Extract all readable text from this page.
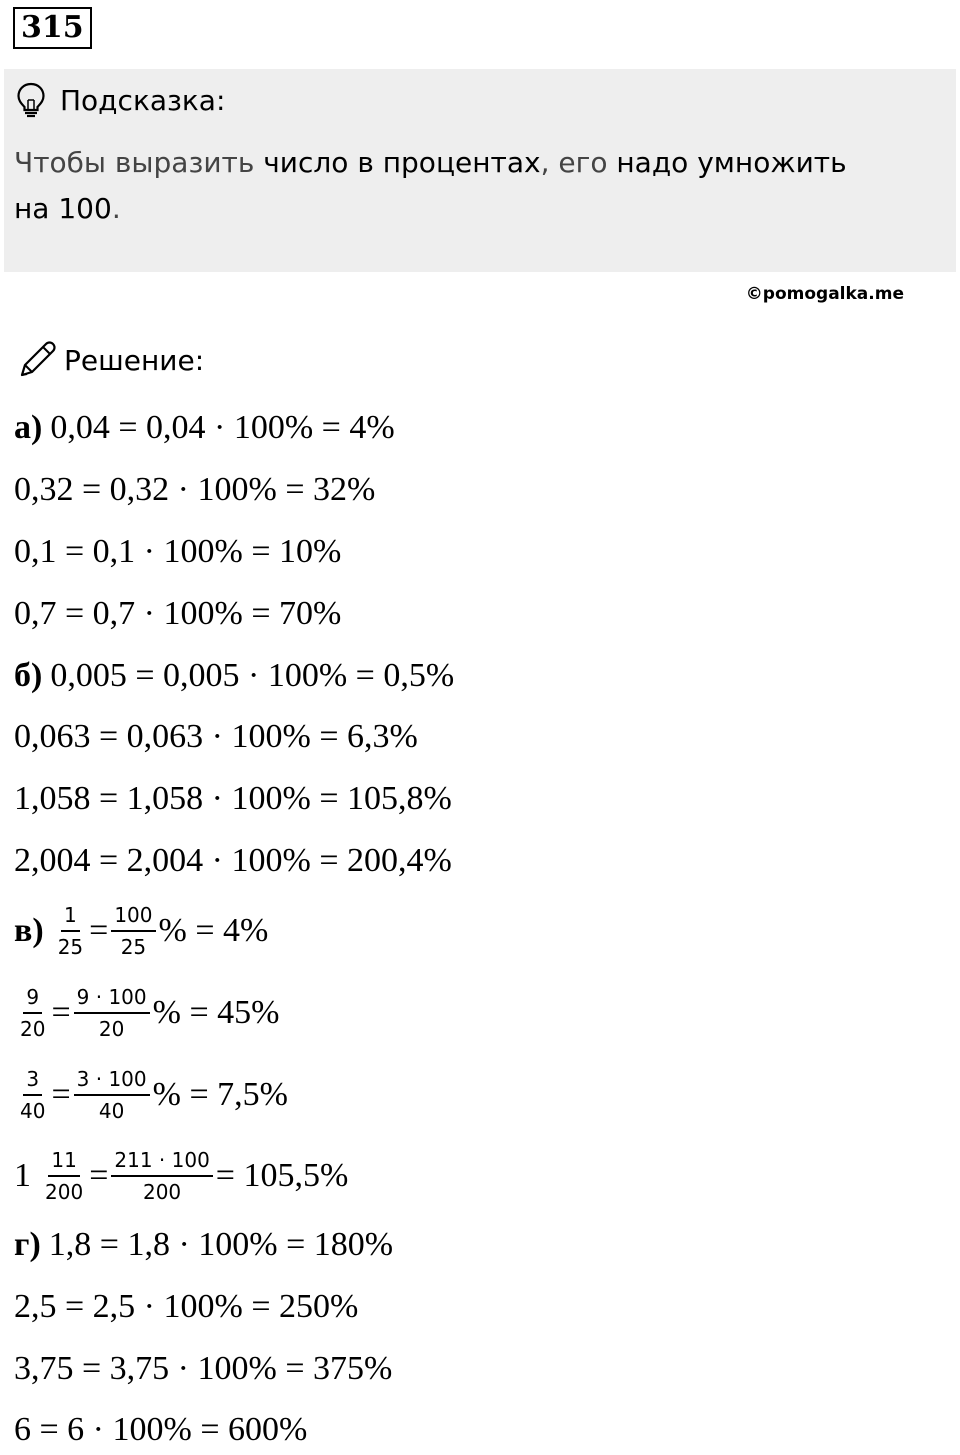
315
Подсказка:
Чтобы выразить число в процентах, его надо умножить
на 100.
©pomogalka.me
Решение:
а) 0,04 = 0,04 · 100% = 4%
0,32 = 0,32 · 100% = 32%
0,1 = 0,1 · 100% = 10%
0,7 = 0,7 · 100% = 70%
б) 0,005 = 0,005 · 100% = 0,5%
0,063 = 0,063 · 100% = 6,3%
1,058 = 1,058 · 100% = 105,8%
2,004 = 2,004 · 100% = 200,4%
$в) \frac{1}{25} = \frac{100}{25}$ % = 4%
$\frac{9}{20} = \frac{9 \cdot 100}{20}$ % = 45%
$\frac{3}{40} = \frac{3 \cdot 100}{40}$ % = 7,5%
$1 \frac{11}{200} = \frac{211 \cdot 100}{200} = 105,5\%$
г) 1,8 = 1,8 · 100% = 180%
2,5 = 2,5 · 100% = 250%
3,75 = 3,75 · 100% = 375%
6 = 6 · 100% = 600%
